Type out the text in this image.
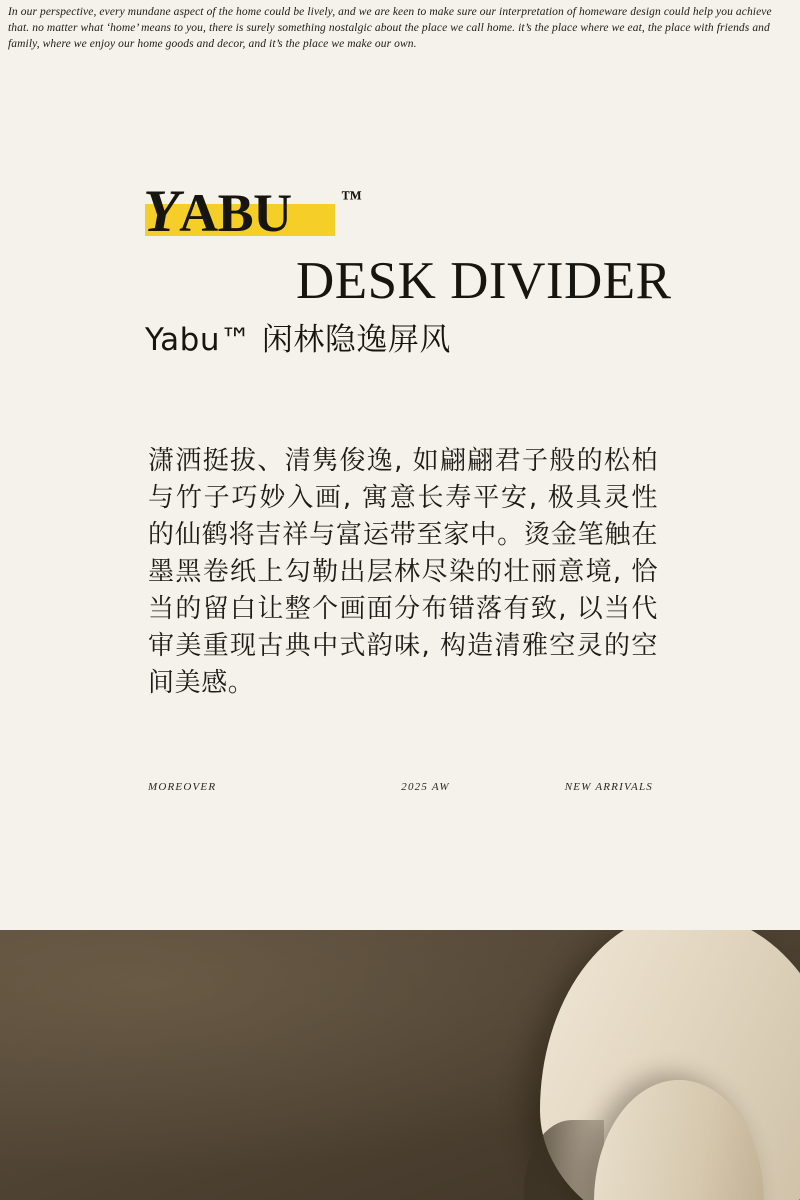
In our perspective, every mundane aspect of the home could be lively, and we are keen to make sure our interpretation of homeware design could help you achieve that. no matter what ‘home’ means to you, there is surely something nostalgic about the place we call home. it’s the place where we eat, the place with friends and family, where we enjoy our home goods and decor, and it’s the place we make our own.

YABU ™
DESK DIVIDER
Yabu™ 闲林隐逸屏风
潇洒挺拔、清隽俊逸, 如翩翩君子般的松柏与竹子巧妙入画, 寓意长寿平安, 极具灵性的仙鹤将吉祥与富运带至家中。烫金笔触在墨黑卷纸上勾勒出层林尽染的壮丽意境, 恰当的留白让整个画面分布错落有致, 以当代审美重现古典中式韵味, 构造清雅空灵的空间美感。
MOREOVER	2025 AW	NEW ARRIVALS
